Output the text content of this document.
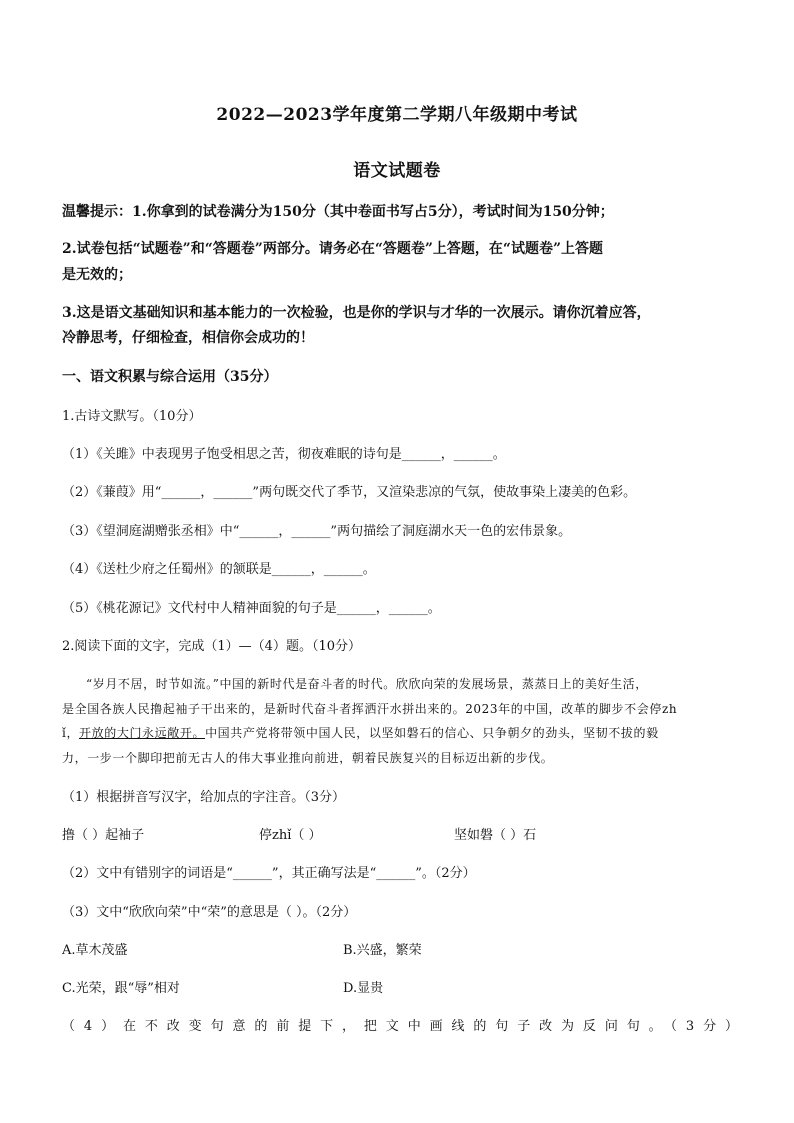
2022—2023学年度第二学期八年级期中考试
语文试题卷
温馨提示：1.你拿到的试卷满分为150分（其中卷面书写占5分），考试时间为150分钟；
2.试卷包括“试题卷”和“答题卷”两部分。请务必在“答题卷”上答题，在“试题卷”上答题
是无效的；
3.这是语文基础知识和基本能力的一次检验，也是你的学识与才华的一次展示。请你沉着应答，
冷静思考，仔细检查，相信你会成功的！
一、语文积累与综合运用（35分）
1.古诗文默写。（10分）
（1）《关雎》中表现男子饱受相思之苦，彻夜难眠的诗句是______，______。
（2）《蒹葭》用“______，______”两句既交代了季节，又渲染悲凉的气氛，使故事染上凄美的色彩。
（3）《望洞庭湖赠张丞相》中“______，______”两句描绘了洞庭湖水天一色的宏伟景象。
（4）《送杜少府之任蜀州》的颔联是______，______。
（5）《桃花源记》文代村中人精神面貌的句子是______，______。
2.阅读下面的文字，完成（1）—（4）题。（10分）
“岁月不居，时节如流。”中国的新时代是奋斗者的时代。欣欣向荣的发展场景，蒸蒸日上的美好生活，
是全国各族人民撸起袖子干出来的，是新时代奋斗者挥洒汗水拼出来的。2023年的中国，改革的脚步不会停zh
ǐ，开放的大门永远敞开。中国共产党将带领中国人民，以坚如磐石的信心、只争朝夕的劲头，坚韧不拔的毅
力，一步一个脚印把前无古人的伟大事业推向前进，朝着民族复兴的目标迈出新的步伐。
（1）根据拼音写汉字，给加点的字注音。（3分）
撸（ ）起袖子	停zhǐ（ ）	坚如磐（ ）石
（2）文中有错别字的词语是“______”，其正确写法是“______”。（2分）
（3）文中“欣欣向荣”中“荣”的意思是（ ）。（2分）
A.草木茂盛	B.兴盛，繁荣
C.光荣，跟“辱”相对	D.显贵
（4）在不改变句意的前提下，把文中画线的句子改为反问句。（3分）
